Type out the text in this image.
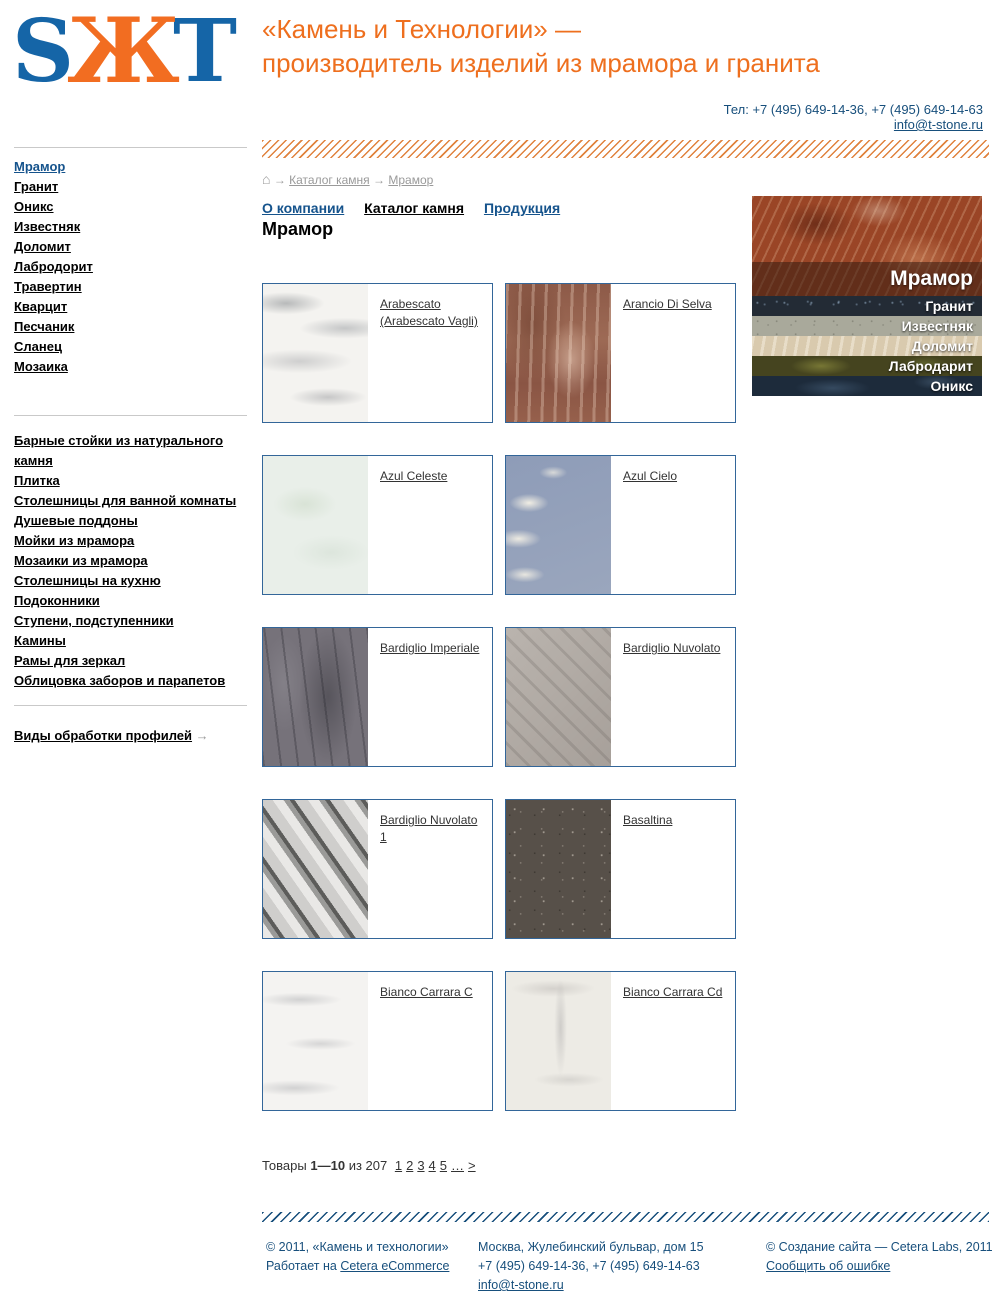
SЖT «Камень и Технологии» —
производитель изделий из мрамора и гранита
Тел: +7 (495) 649-14-36, +7 (495) 649-14-63
info@t-stone.ru
Мрамор
Гранит
Оникс
Известняк
Доломит
Лабродорит
Травертин
Кварцит
Песчаник
Сланец
Мозаика
Барные стойки из натурального камня
Плитка
Столешницы для ванной комнаты
Душевые поддоны
Мойки из мрамора
Мозаики из мрамора
Столешницы на кухню
Подоконники
Ступени, подступенники
Камины
Рамы для зеркал
Облицовка заборов и парапетов
Виды обработки профилей →
⌂ → Каталог камня → Мрамор
О компании Каталог камня Продукция
Мрамор
Мрамор
Гранит
Известняк
Доломит
Лабродарит
Оникс
Arabescato (Arabescato Vagli)
Arancio Di Selva
Azul Celeste	Azul Cielo
Bardiglio Imperiale	Bardiglio Nuvolato
Bardiglio Nuvolato 1
Basaltina
Bianco Carrara C	Bianco Carrara Cd
Товары 1—10 из 207 1 2 3 4 5 … >
© 2011, «Камень и технологии»
Работает на Cetera eCommerce
Москва, Жулебинский бульвар, дом 15
+7 (495) 649-14-36, +7 (495) 649-14-63
info@t-stone.ru
© Создание сайта — Cetera Labs, 2011
Сообщить об ошибке
